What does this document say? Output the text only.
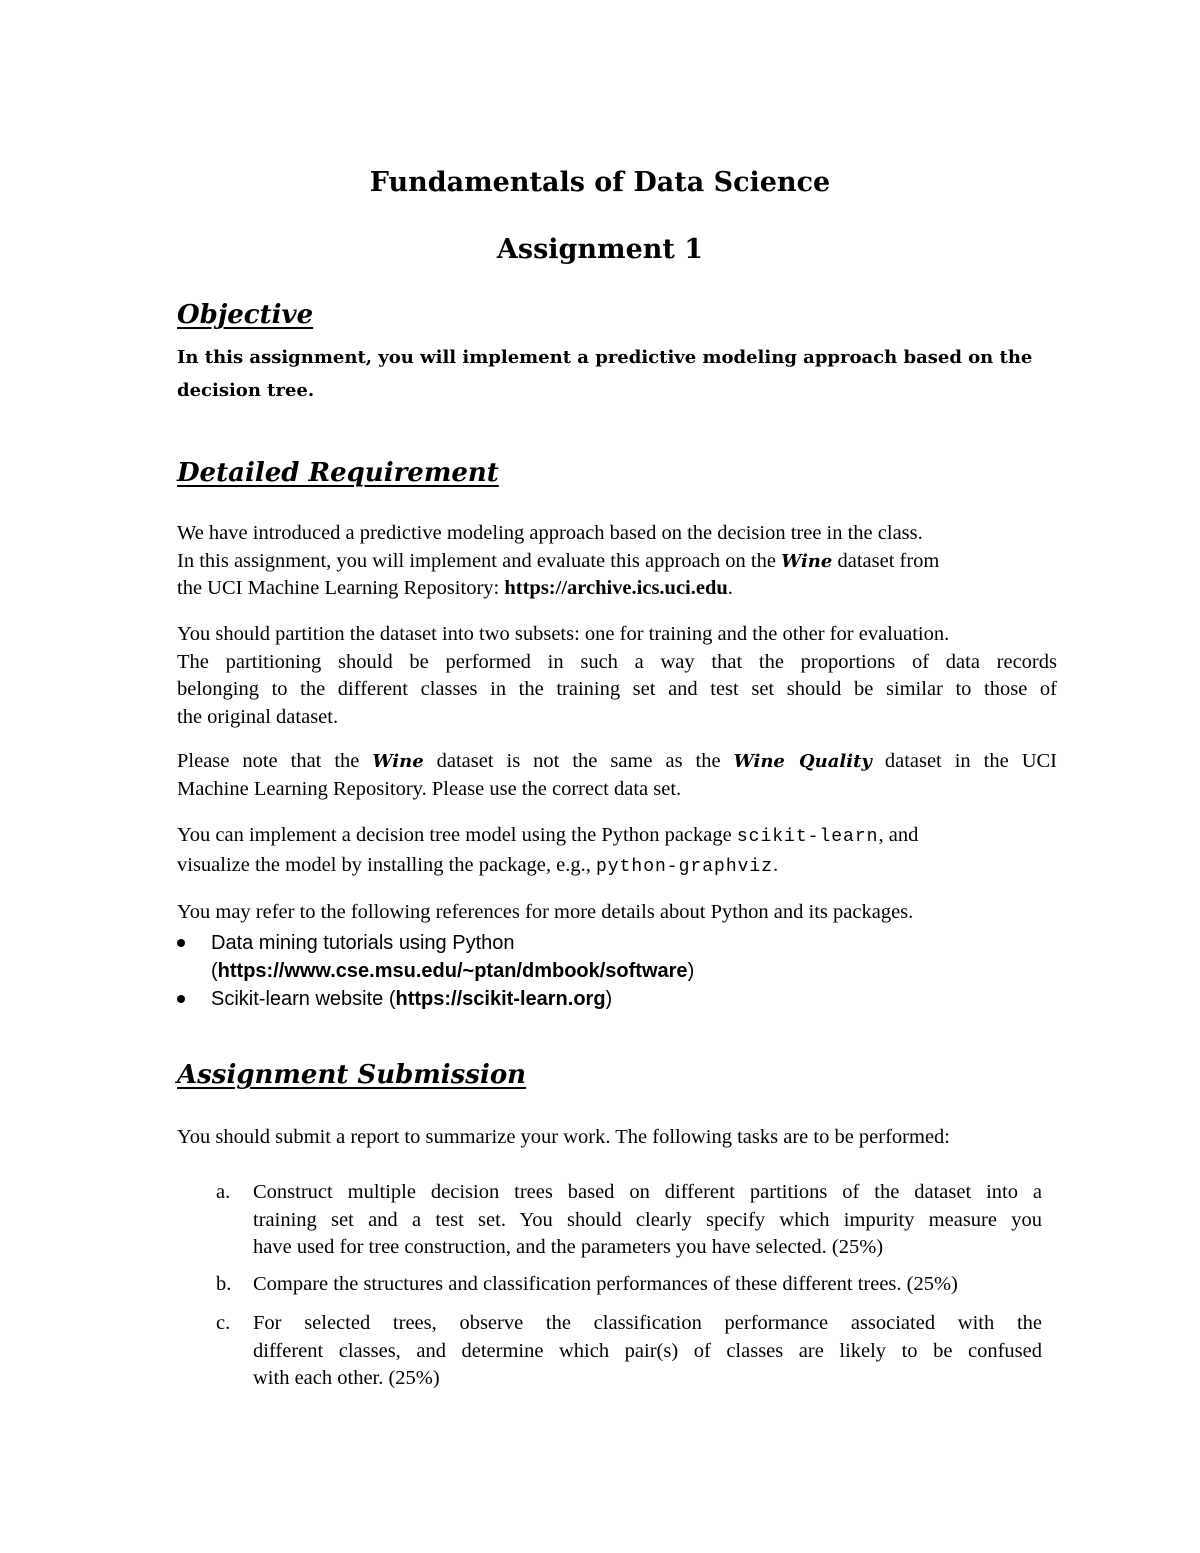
Fundamentals of Data Science
Assignment 1
Objective
In this assignment, you will implement a predictive modeling approach based on the
decision tree.
Detailed Requirement
We have introduced a predictive modeling approach based on the decision tree in the class.
In this assignment, you will implement and evaluate this approach on the Wine dataset from
the UCI Machine Learning Repository: https://archive.ics.uci.edu.
You should partition the dataset into two subsets: one for training and the other for evaluation.
The partitioning should be performed in such a way that the proportions of data records
belonging to the different classes in the training set and test set should be similar to those of
the original dataset.
Please note that the Wine dataset is not the same as the Wine Quality dataset in the UCI
Machine Learning Repository. Please use the correct data set.
You can implement a decision tree model using the Python package scikit-learn, and
visualize the model by installing the package, e.g., python-graphviz.
You may refer to the following references for more details about Python and its packages.
Data mining tutorials using Python
(https://www.cse.msu.edu/~ptan/dmbook/software)
Scikit-learn website (https://scikit-learn.org)
Assignment Submission
You should submit a report to summarize your work. The following tasks are to be performed:
a.	Construct multiple decision trees based on different partitions of the dataset into a
training set and a test set. You should clearly specify which impurity measure you
have used for tree construction, and the parameters you have selected. (25%)
b.	Compare the structures and classification performances of these different trees. (25%)
c.	For selected trees, observe the classification performance associated with the
different classes, and determine which pair(s) of classes are likely to be confused
with each other. (25%)
